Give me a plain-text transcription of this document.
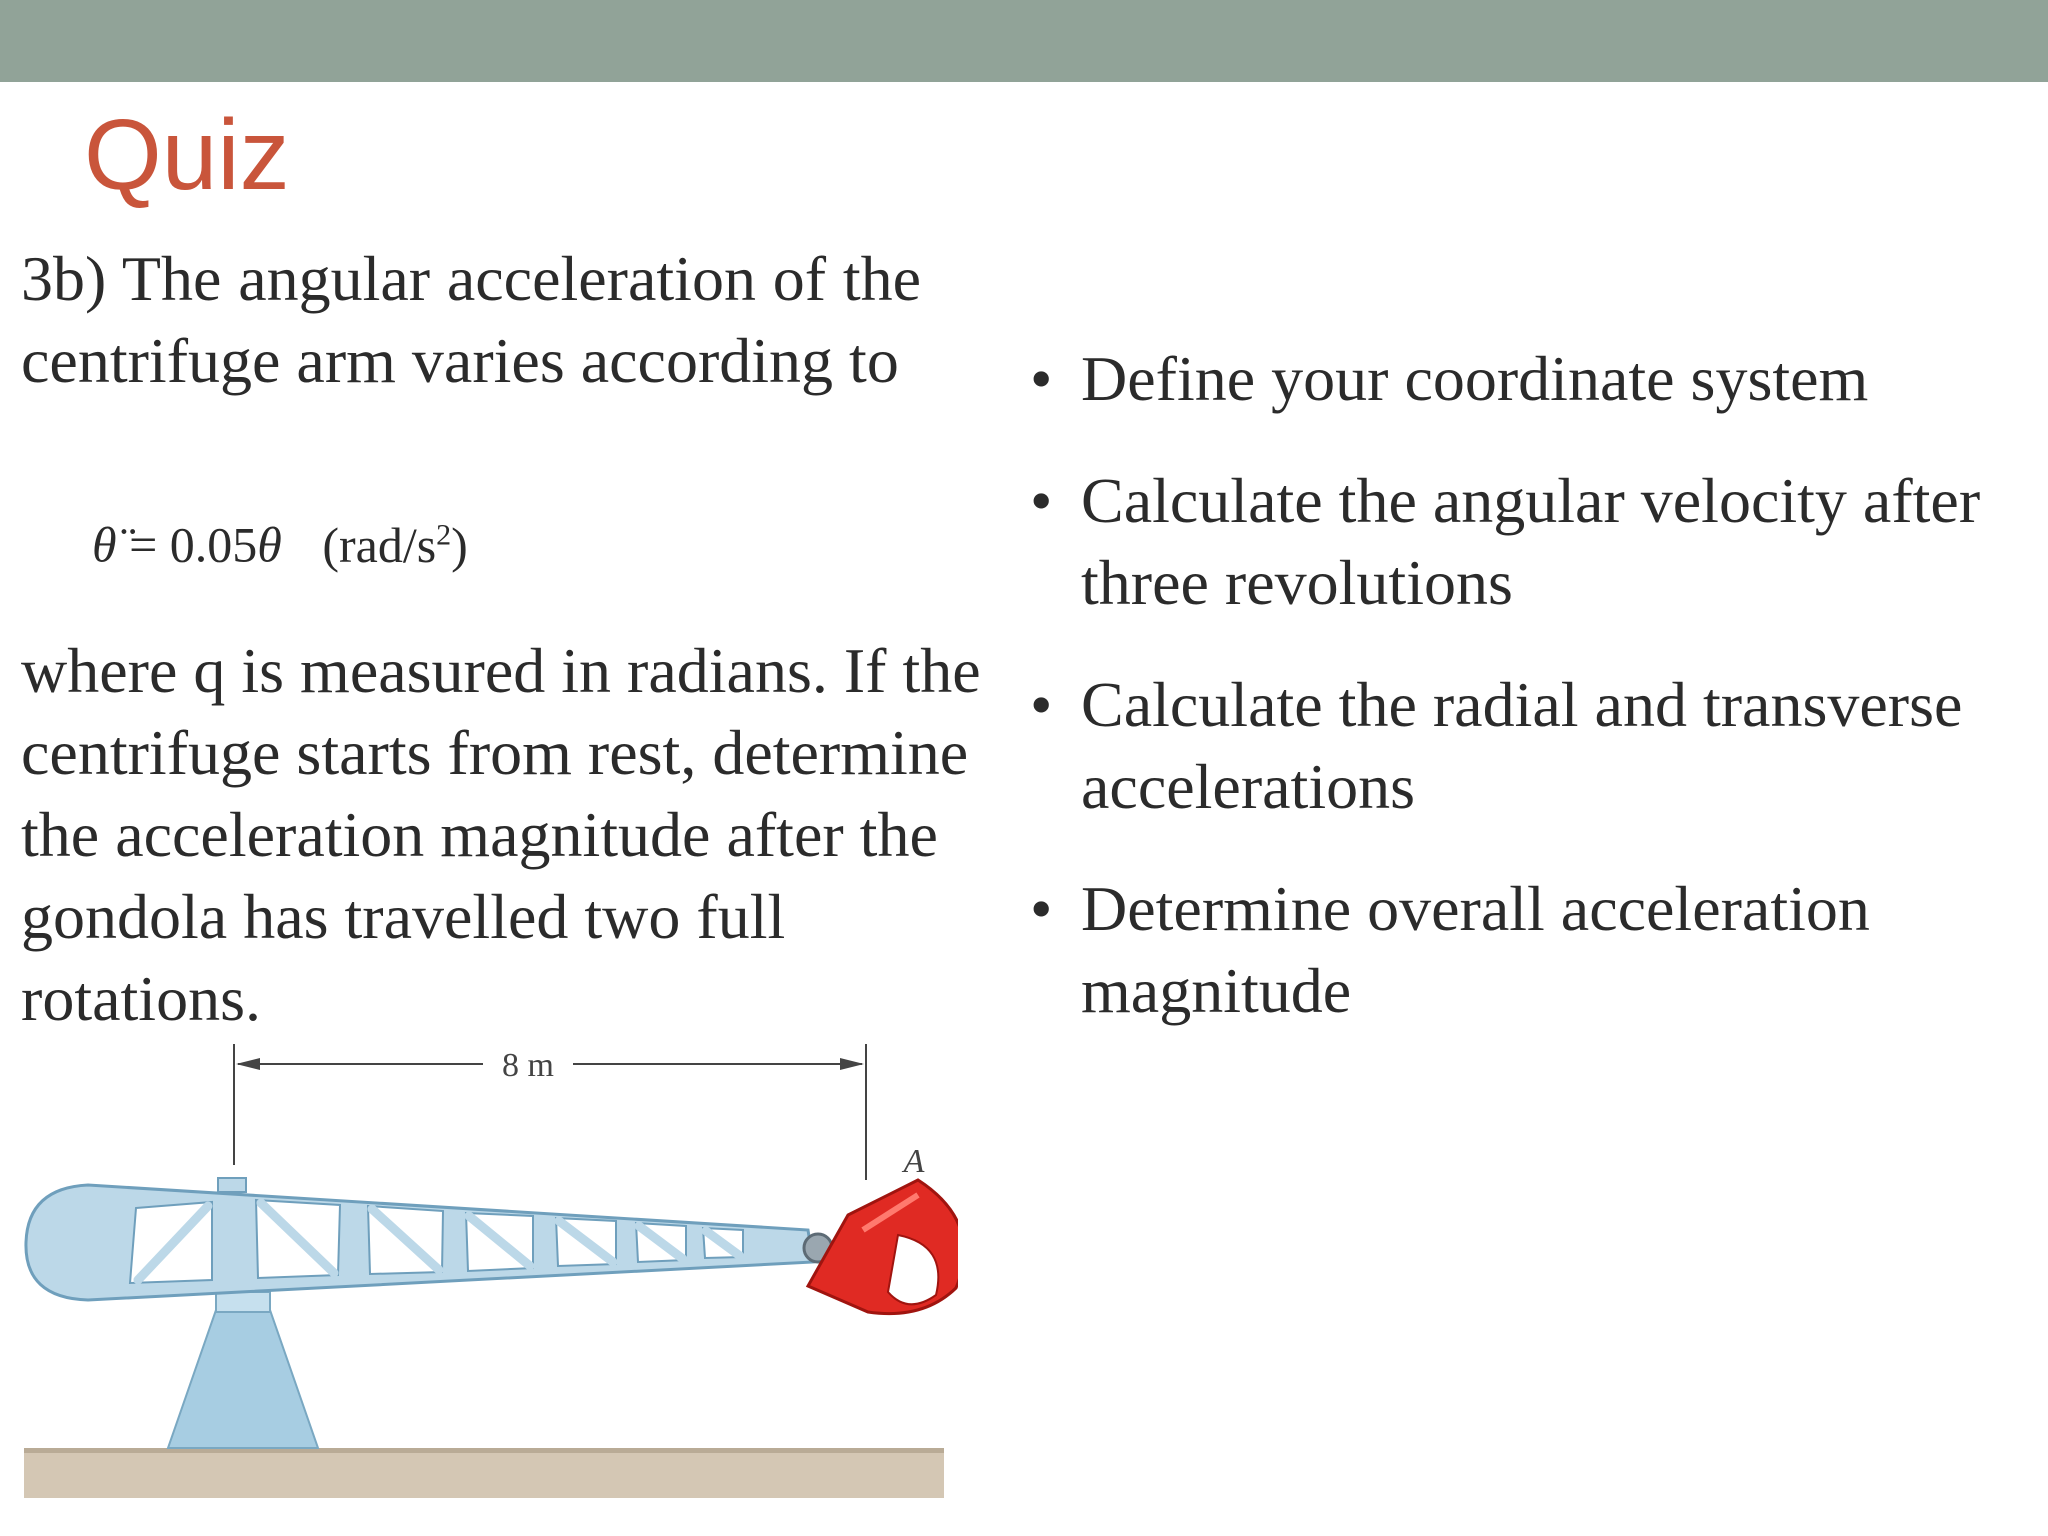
Quiz
3b) The angular acceleration of the centrifuge arm varies according to
θ̈ = 0.05θ $(rad/s^2)$
where q is measured in radians. If the centrifuge starts from rest, determine the acceleration magnitude after the gondola has travelled two full rotations.
8 m
A
• Define your coordinate system
• Calculate the angular velocity after three revolutions
• Calculate the radial and transverse accelerations
• Determine overall acceleration magnitude
